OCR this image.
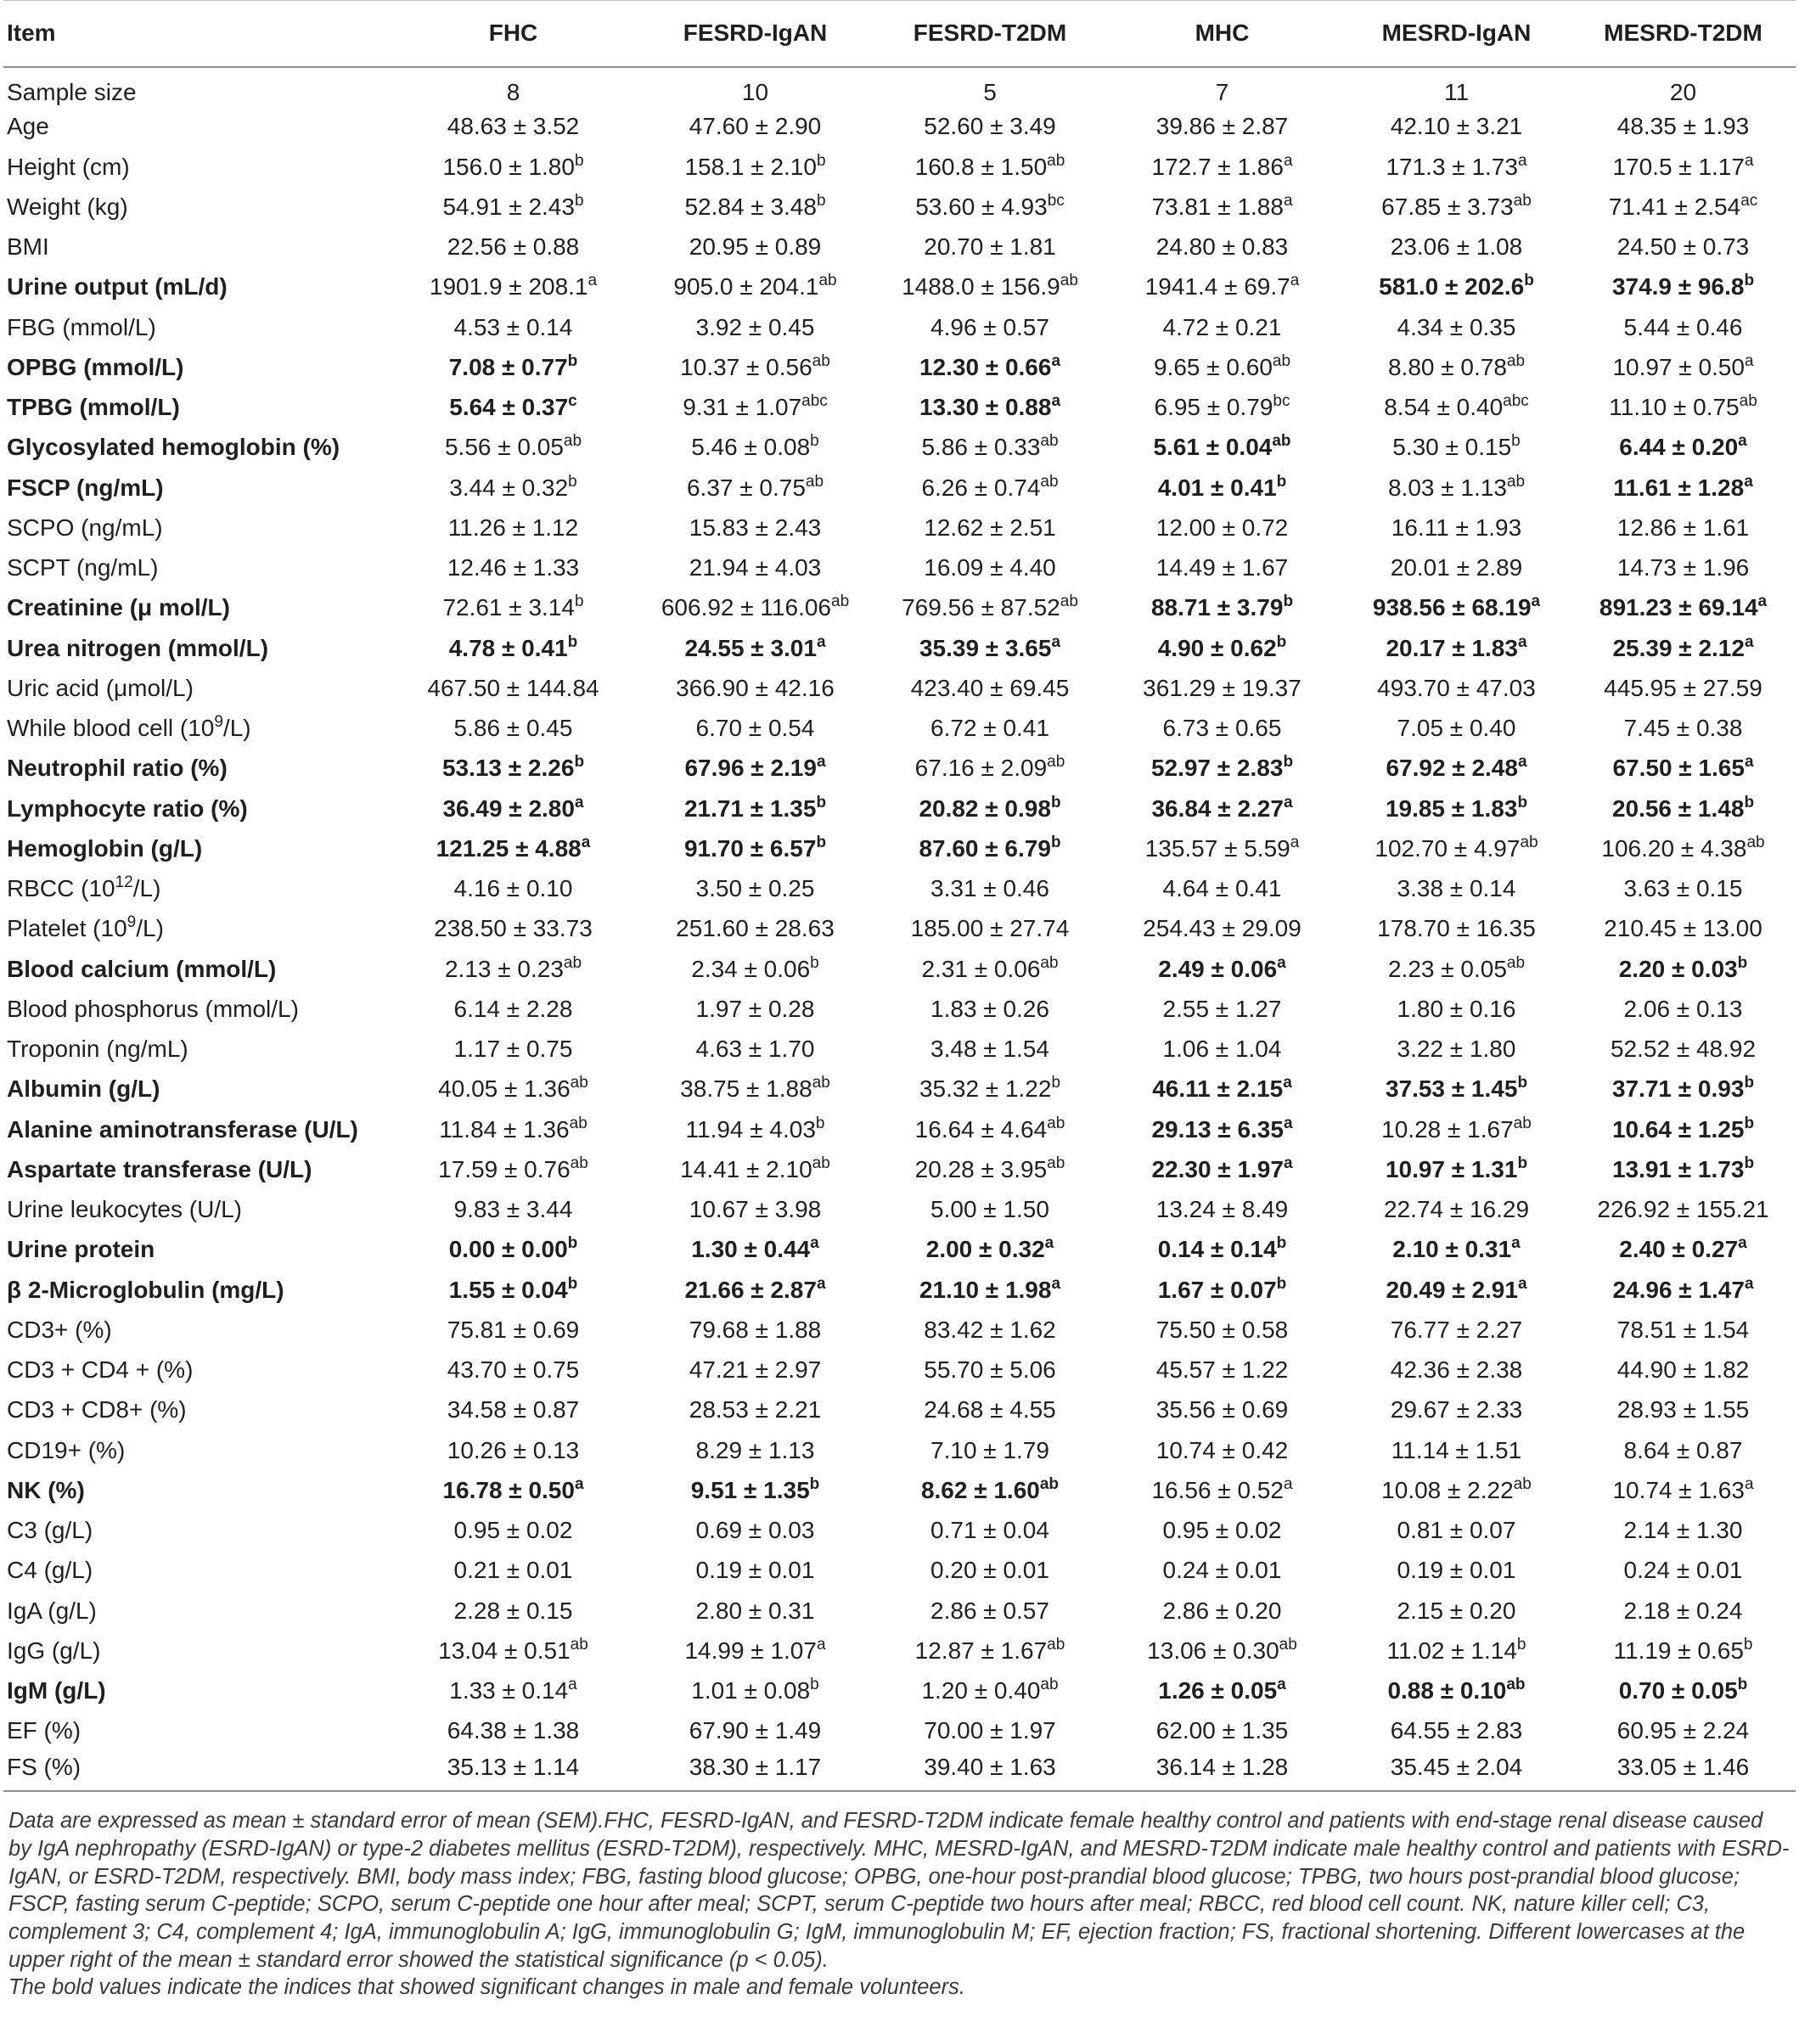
Item	FHC	FESRD-IgAN	FESRD-T2DM	MHC	MESRD-IgAN	MESRD-T2DM
Sample size	8	10	5	7	11	20
Age	48.63 ± 3.52	47.60 ± 2.90	52.60 ± 3.49	39.86 ± 2.87	42.10 ± 3.21	48.35 ± 1.93
Height (cm)	156.0 ± 1.80$^b$	158.1 ± 2.10$^b$	160.8 ± 1.50$^{ab}$	172.7 ± 1.86$^a$	171.3 ± 1.73$^a$	170.5 ± 1.17$^a$
Weight (kg)	54.91 ± 2.43$^b$	52.84 ± 3.48$^b$	53.60 ± 4.93$^{bc}$	73.81 ± 1.88$^a$	67.85 ± 3.73$^{ab}$	71.41 ± 2.54$^{ac}$
BMI	22.56 ± 0.88	20.95 ± 0.89	20.70 ± 1.81	24.80 ± 0.83	23.06 ± 1.08	24.50 ± 0.73
Urine output (mL/d)	1901.9 ± 208.1$^a$	905.0 ± 204.1$^{ab}$	1488.0 ± 156.9$^{ab}$	1941.4 ± 69.7$^a$	581.0 ± 202.6$^b$	374.9 ± 96.8$^b$
FBG (mmol/L)	4.53 ± 0.14	3.92 ± 0.45	4.96 ± 0.57	4.72 ± 0.21	4.34 ± 0.35	5.44 ± 0.46
OPBG (mmol/L)	7.08 ± 0.77$^b$	10.37 ± 0.56$^{ab}$	12.30 ± 0.66$^a$	9.65 ± 0.60$^{ab}$	8.80 ± 0.78$^{ab}$	10.97 ± 0.50$^a$
TPBG (mmol/L)	5.64 ± 0.37$^c$	9.31 ± 1.07$^{abc}$	13.30 ± 0.88$^a$	6.95 ± 0.79$^{bc}$	8.54 ± 0.40$^{abc}$	11.10 ± 0.75$^{ab}$
Glycosylated hemoglobin (%)	5.56 ± 0.05$^{ab}$	5.46 ± 0.08$^b$	5.86 ± 0.33$^{ab}$	5.61 ± 0.04$^{ab}$	5.30 ± 0.15$^b$	6.44 ± 0.20$^a$
FSCP (ng/mL)	3.44 ± 0.32$^b$	6.37 ± 0.75$^{ab}$	6.26 ± 0.74$^{ab}$	4.01 ± 0.41$^b$	8.03 ± 1.13$^{ab}$	11.61 ± 1.28$^a$
SCPO (ng/mL)	11.26 ± 1.12	15.83 ± 2.43	12.62 ± 2.51	12.00 ± 0.72	16.11 ± 1.93	12.86 ± 1.61
SCPT (ng/mL)	12.46 ± 1.33	21.94 ± 4.03	16.09 ± 4.40	14.49 ± 1.67	20.01 ± 2.89	14.73 ± 1.96
Creatinine (μ mol/L)	72.61 ± 3.14$^b$	606.92 ± 116.06$^{ab}$	769.56 ± 87.52$^{ab}$	88.71 ± 3.79$^b$	938.56 ± 68.19$^a$	891.23 ± 69.14$^a$
Urea nitrogen (mmol/L)	4.78 ± 0.41$^b$	24.55 ± 3.01$^a$	35.39 ± 3.65$^a$	4.90 ± 0.62$^b$	20.17 ± 1.83$^a$	25.39 ± 2.12$^a$
Uric acid (μmol/L)	467.50 ± 144.84	366.90 ± 42.16	423.40 ± 69.45	361.29 ± 19.37	493.70 ± 47.03	445.95 ± 27.59
While blood cell $(10^9/L)$	5.86 ± 0.45	6.70 ± 0.54	6.72 ± 0.41	6.73 ± 0.65	7.05 ± 0.40	7.45 ± 0.38
Neutrophil ratio (%)	53.13 ± 2.26$^b$	67.96 ± 2.19$^a$	67.16 ± 2.09$^{ab}$	52.97 ± 2.83$^b$	67.92 ± 2.48$^a$	67.50 ± 1.65$^a$
Lymphocyte ratio (%)	36.49 ± 2.80$^a$	21.71 ± 1.35$^b$	20.82 ± 0.98$^b$	36.84 ± 2.27$^a$	19.85 ± 1.83$^b$	20.56 ± 1.48$^b$
Hemoglobin (g/L)	121.25 ± 4.88$^a$	91.70 ± 6.57$^b$	87.60 ± 6.79$^b$	135.57 ± 5.59$^a$	102.70 ± 4.97$^{ab}$	106.20 ± 4.38$^{ab}$
RBCC $(10^{12}/L)$	4.16 ± 0.10	3.50 ± 0.25	3.31 ± 0.46	4.64 ± 0.41	3.38 ± 0.14	3.63 ± 0.15
Platelet $(10^9/L)$	238.50 ± 33.73	251.60 ± 28.63	185.00 ± 27.74	254.43 ± 29.09	178.70 ± 16.35	210.45 ± 13.00
Blood calcium (mmol/L)	2.13 ± 0.23$^{ab}$	2.34 ± 0.06$^b$	2.31 ± 0.06$^{ab}$	2.49 ± 0.06$^a$	2.23 ± 0.05$^{ab}$	2.20 ± 0.03$^b$
Blood phosphorus (mmol/L)	6.14 ± 2.28	1.97 ± 0.28	1.83 ± 0.26	2.55 ± 1.27	1.80 ± 0.16	2.06 ± 0.13
Troponin (ng/mL)	1.17 ± 0.75	4.63 ± 1.70	3.48 ± 1.54	1.06 ± 1.04	3.22 ± 1.80	52.52 ± 48.92
Albumin (g/L)	40.05 ± 1.36$^{ab}$	38.75 ± 1.88$^{ab}$	35.32 ± 1.22$^b$	46.11 ± 2.15$^a$	37.53 ± 1.45$^b$	37.71 ± 0.93$^b$
Alanine aminotransferase (U/L)	11.84 ± 1.36$^{ab}$	11.94 ± 4.03$^b$	16.64 ± 4.64$^{ab}$	29.13 ± 6.35$^a$	10.28 ± 1.67$^{ab}$	10.64 ± 1.25$^b$
Aspartate transferase (U/L)	17.59 ± 0.76$^{ab}$	14.41 ± 2.10$^{ab}$	20.28 ± 3.95$^{ab}$	22.30 ± 1.97$^a$	10.97 ± 1.31$^b$	13.91 ± 1.73$^b$
Urine leukocytes (U/L)	9.83 ± 3.44	10.67 ± 3.98	5.00 ± 1.50	13.24 ± 8.49	22.74 ± 16.29	226.92 ± 155.21
Urine protein	0.00 ± 0.00$^b$	1.30 ± 0.44$^a$	2.00 ± 0.32$^a$	0.14 ± 0.14$^b$	2.10 ± 0.31$^a$	2.40 ± 0.27$^a$
β 2-Microglobulin (mg/L)	1.55 ± 0.04$^b$	21.66 ± 2.87$^a$	21.10 ± 1.98$^a$	1.67 ± 0.07$^b$	20.49 ± 2.91$^a$	24.96 ± 1.47$^a$
CD3+ (%)	75.81 ± 0.69	79.68 ± 1.88	83.42 ± 1.62	75.50 ± 0.58	76.77 ± 2.27	78.51 ± 1.54
CD3 + CD4 + (%)	43.70 ± 0.75	47.21 ± 2.97	55.70 ± 5.06	45.57 ± 1.22	42.36 ± 2.38	44.90 ± 1.82
CD3 + CD8+ (%)	34.58 ± 0.87	28.53 ± 2.21	24.68 ± 4.55	35.56 ± 0.69	29.67 ± 2.33	28.93 ± 1.55
CD19+ (%)	10.26 ± 0.13	8.29 ± 1.13	7.10 ± 1.79	10.74 ± 0.42	11.14 ± 1.51	8.64 ± 0.87
NK (%)	16.78 ± 0.50$^a$	9.51 ± 1.35$^b$	8.62 ± 1.60$^{ab}$	16.56 ± 0.52$^a$	10.08 ± 2.22$^{ab}$	10.74 ± 1.63$^a$
C3 (g/L)	0.95 ± 0.02	0.69 ± 0.03	0.71 ± 0.04	0.95 ± 0.02	0.81 ± 0.07	2.14 ± 1.30
C4 (g/L)	0.21 ± 0.01	0.19 ± 0.01	0.20 ± 0.01	0.24 ± 0.01	0.19 ± 0.01	0.24 ± 0.01
IgA (g/L)	2.28 ± 0.15	2.80 ± 0.31	2.86 ± 0.57	2.86 ± 0.20	2.15 ± 0.20	2.18 ± 0.24
IgG (g/L)	13.04 ± 0.51$^{ab}$	14.99 ± 1.07$^a$	12.87 ± 1.67$^{ab}$	13.06 ± 0.30$^{ab}$	11.02 ± 1.14$^b$	11.19 ± 0.65$^b$
IgM (g/L)	1.33 ± 0.14$^a$	1.01 ± 0.08$^b$	1.20 ± 0.40$^{ab}$	1.26 ± 0.05$^a$	0.88 ± 0.10$^{ab}$	0.70 ± 0.05$^b$
EF (%)	64.38 ± 1.38	67.90 ± 1.49	70.00 ± 1.97	62.00 ± 1.35	64.55 ± 2.83	60.95 ± 2.24
FS (%)	35.13 ± 1.14	38.30 ± 1.17	39.40 ± 1.63	36.14 ± 1.28	35.45 ± 2.04	33.05 ± 1.46

Data are expressed as mean ± standard error of mean (SEM).FHC, FESRD-IgAN, and FESRD-T2DM indicate female healthy control and patients with end-stage renal disease caused by IgA nephropathy (ESRD-IgAN) or type-2 diabetes mellitus (ESRD-T2DM), respectively. MHC, MESRD-IgAN, and MESRD-T2DM indicate male healthy control and patients with ESRD-IgAN, or ESRD-T2DM, respectively. BMI, body mass index; FBG, fasting blood glucose; OPBG, one-hour post-prandial blood glucose; TPBG, two hours post-prandial blood glucose; FSCP, fasting serum C-peptide; SCPO, serum C-peptide one hour after meal; SCPT, serum C-peptide two hours after meal; RBCC, red blood cell count. NK, nature killer cell; C3, complement 3; C4, complement 4; IgA, immunoglobulin A; IgG, immunoglobulin G; IgM, immunoglobulin M; EF, ejection fraction; FS, fractional shortening. Different lowercases at the upper right of the mean ± standard error showed the statistical significance (p < 0.05).

The bold values indicate the indices that showed significant changes in male and female volunteers.
